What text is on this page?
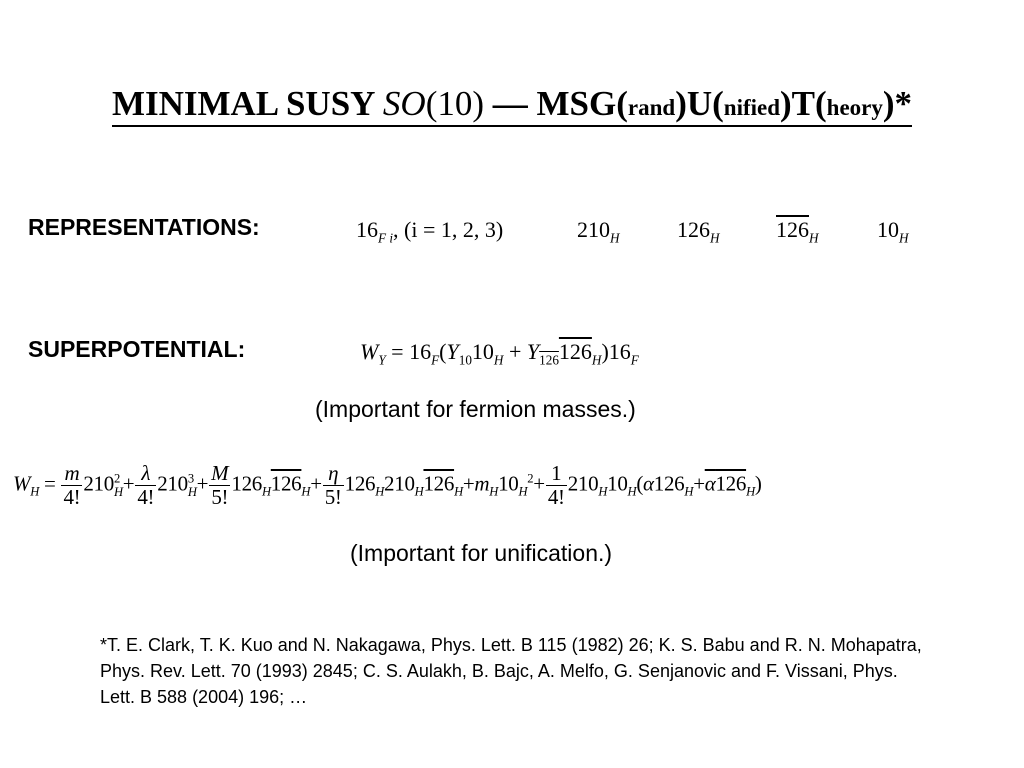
MINIMAL SUSY SO(10) — MSG(rand)U(nified)T(heory)*
REPRESENTATIONS:	$16_{F i}$, (i = 1, 2, 3)	$210_H$	$126_H$	$126_H$	$10_H$
SUPERPOTENTIAL:	$W_Y = 16_F(Y_{10}10_H + Y_{126}126_H)16_F$
(Important for fermion masses.)
$W_H = \frac{m}{4!} 210^2_H+ \frac{\lambda}{4!} 210^3_H+ \frac{M}{5!} 126_H126_H+ \frac{\eta}{5!} 126_H210_H126_H+m_H10_H^2+ \frac{1}{4!} 210_H10_H(\alpha 126_H+\alpha 126_H)$
(Important for unification.)
*T. E. Clark, T. K. Kuo and N. Nakagawa, Phys. Lett. B 115 (1982) 26; K. S. Babu and R. N. Mohapatra, Phys. Rev. Lett. 70 (1993) 2845; C. S. Aulakh, B. Bajc, A. Melfo, G. Senjanovic and F. Vissani, Phys. Lett. B 588 (2004) 196; …
